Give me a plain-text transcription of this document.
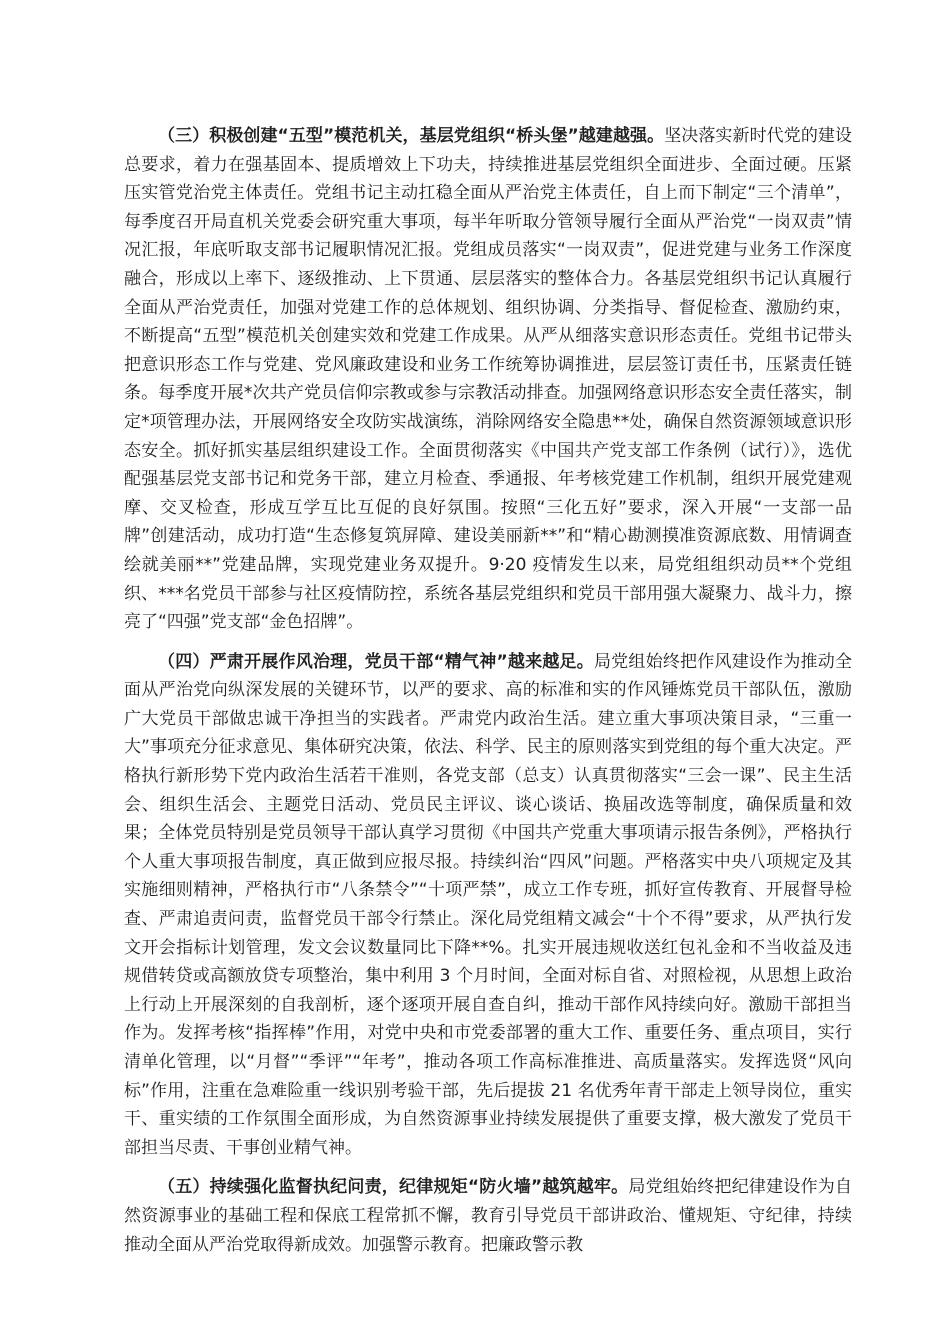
（三）积极创建“五型”模范机关，基层党组织“桥头堡”越建越强。坚决落实新时代党的建设总要求，着力在强基固本、提质增效上下功夫，持续推进基层党组织全面进步、全面过硬。压紧压实管党治党主体责任。党组书记主动扛稳全面从严治党主体责任，自上而下制定“三个清单”，每季度召开局直机关党委会研究重大事项，每半年听取分管领导履行全面从严治党“一岗双责”情况汇报，年底听取支部书记履职情况汇报。党组成员落实“一岗双责”，促进党建与业务工作深度融合，形成以上率下、逐级推动、上下贯通、层层落实的整体合力。各基层党组织书记认真履行全面从严治党责任，加强对党建工作的总体规划、组织协调、分类指导、督促检查、激励约束，不断提高“五型”模范机关创建实效和党建工作成果。从严从细落实意识形态责任。党组书记带头把意识形态工作与党建、党风廉政建设和业务工作统筹协调推进，层层签订责任书，压紧责任链条。每季度开展*次共产党员信仰宗教或参与宗教活动排查。加强网络意识形态安全责任落实，制定*项管理办法，开展网络安全攻防实战演练，消除网络安全隐患**处，确保自然资源领域意识形态安全。抓好抓实基层组织建设工作。全面贯彻落实《中国共产党支部工作条例（试行）》，选优配强基层党支部书记和党务干部，建立月检查、季通报、年考核党建工作机制，组织开展党建观摩、交叉检查，形成互学互比互促的良好氛围。按照“三化五好”要求，深入开展“一支部一品牌”创建活动，成功打造“生态修复筑屏障、建设美丽新**”和“精心勘测摸准资源底数、用情调查绘就美丽**”党建品牌，实现党建业务双提升。9·20 疫情发生以来，局党组组织动员**个党组织、***名党员干部参与社区疫情防控，系统各基层党组织和党员干部用强大凝聚力、战斗力，擦亮了“四强”党支部“金色招牌”。

（四）严肃开展作风治理，党员干部“精气神”越来越足。局党组始终把作风建设作为推动全面从严治党向纵深发展的关键环节，以严的要求、高的标准和实的作风锤炼党员干部队伍，激励广大党员干部做忠诚干净担当的实践者。严肃党内政治生活。建立重大事项决策目录，“三重一大”事项充分征求意见、集体研究决策，依法、科学、民主的原则落实到党组的每个重大决定。严格执行新形势下党内政治生活若干准则，各党支部（总支）认真贯彻落实“三会一课”、民主生活会、组织生活会、主题党日活动、党员民主评议、谈心谈话、换届改选等制度，确保质量和效果；全体党员特别是党员领导干部认真学习贯彻《中国共产党重大事项请示报告条例》，严格执行个人重大事项报告制度，真正做到应报尽报。持续纠治“四风”问题。严格落实中央八项规定及其实施细则精神，严格执行市“八条禁令”“十项严禁”，成立工作专班，抓好宣传教育、开展督导检查、严肃追责问责，监督党员干部令行禁止。深化局党组精文减会“十个不得”要求，从严执行发文开会指标计划管理，发文会议数量同比下降**%。扎实开展违规收送红包礼金和不当收益及违规借转贷或高额放贷专项整治，集中利用 3 个月时间，全面对标自省、对照检视，从思想上政治上行动上开展深刻的自我剖析，逐个逐项开展自查自纠，推动干部作风持续向好。激励干部担当作为。发挥考核“指挥棒”作用，对党中央和市党委部署的重大工作、重要任务、重点项目，实行清单化管理，以“月督”“季评”“年考”，推动各项工作高标准推进、高质量落实。发挥选贤“风向标”作用，注重在急难险重一线识别考验干部，先后提拔 21 名优秀年青干部走上领导岗位，重实干、重实绩的工作氛围全面形成，为自然资源事业持续发展提供了重要支撑，极大激发了党员干部担当尽责、干事创业精气神。

（五）持续强化监督执纪问责，纪律规矩“防火墙”越筑越牢。局党组始终把纪律建设作为自然资源事业的基础工程和保底工程常抓不懈，教育引导党员干部讲政治、懂规矩、守纪律，持续推动全面从严治党取得新成效。加强警示教育。把廉政警示教
